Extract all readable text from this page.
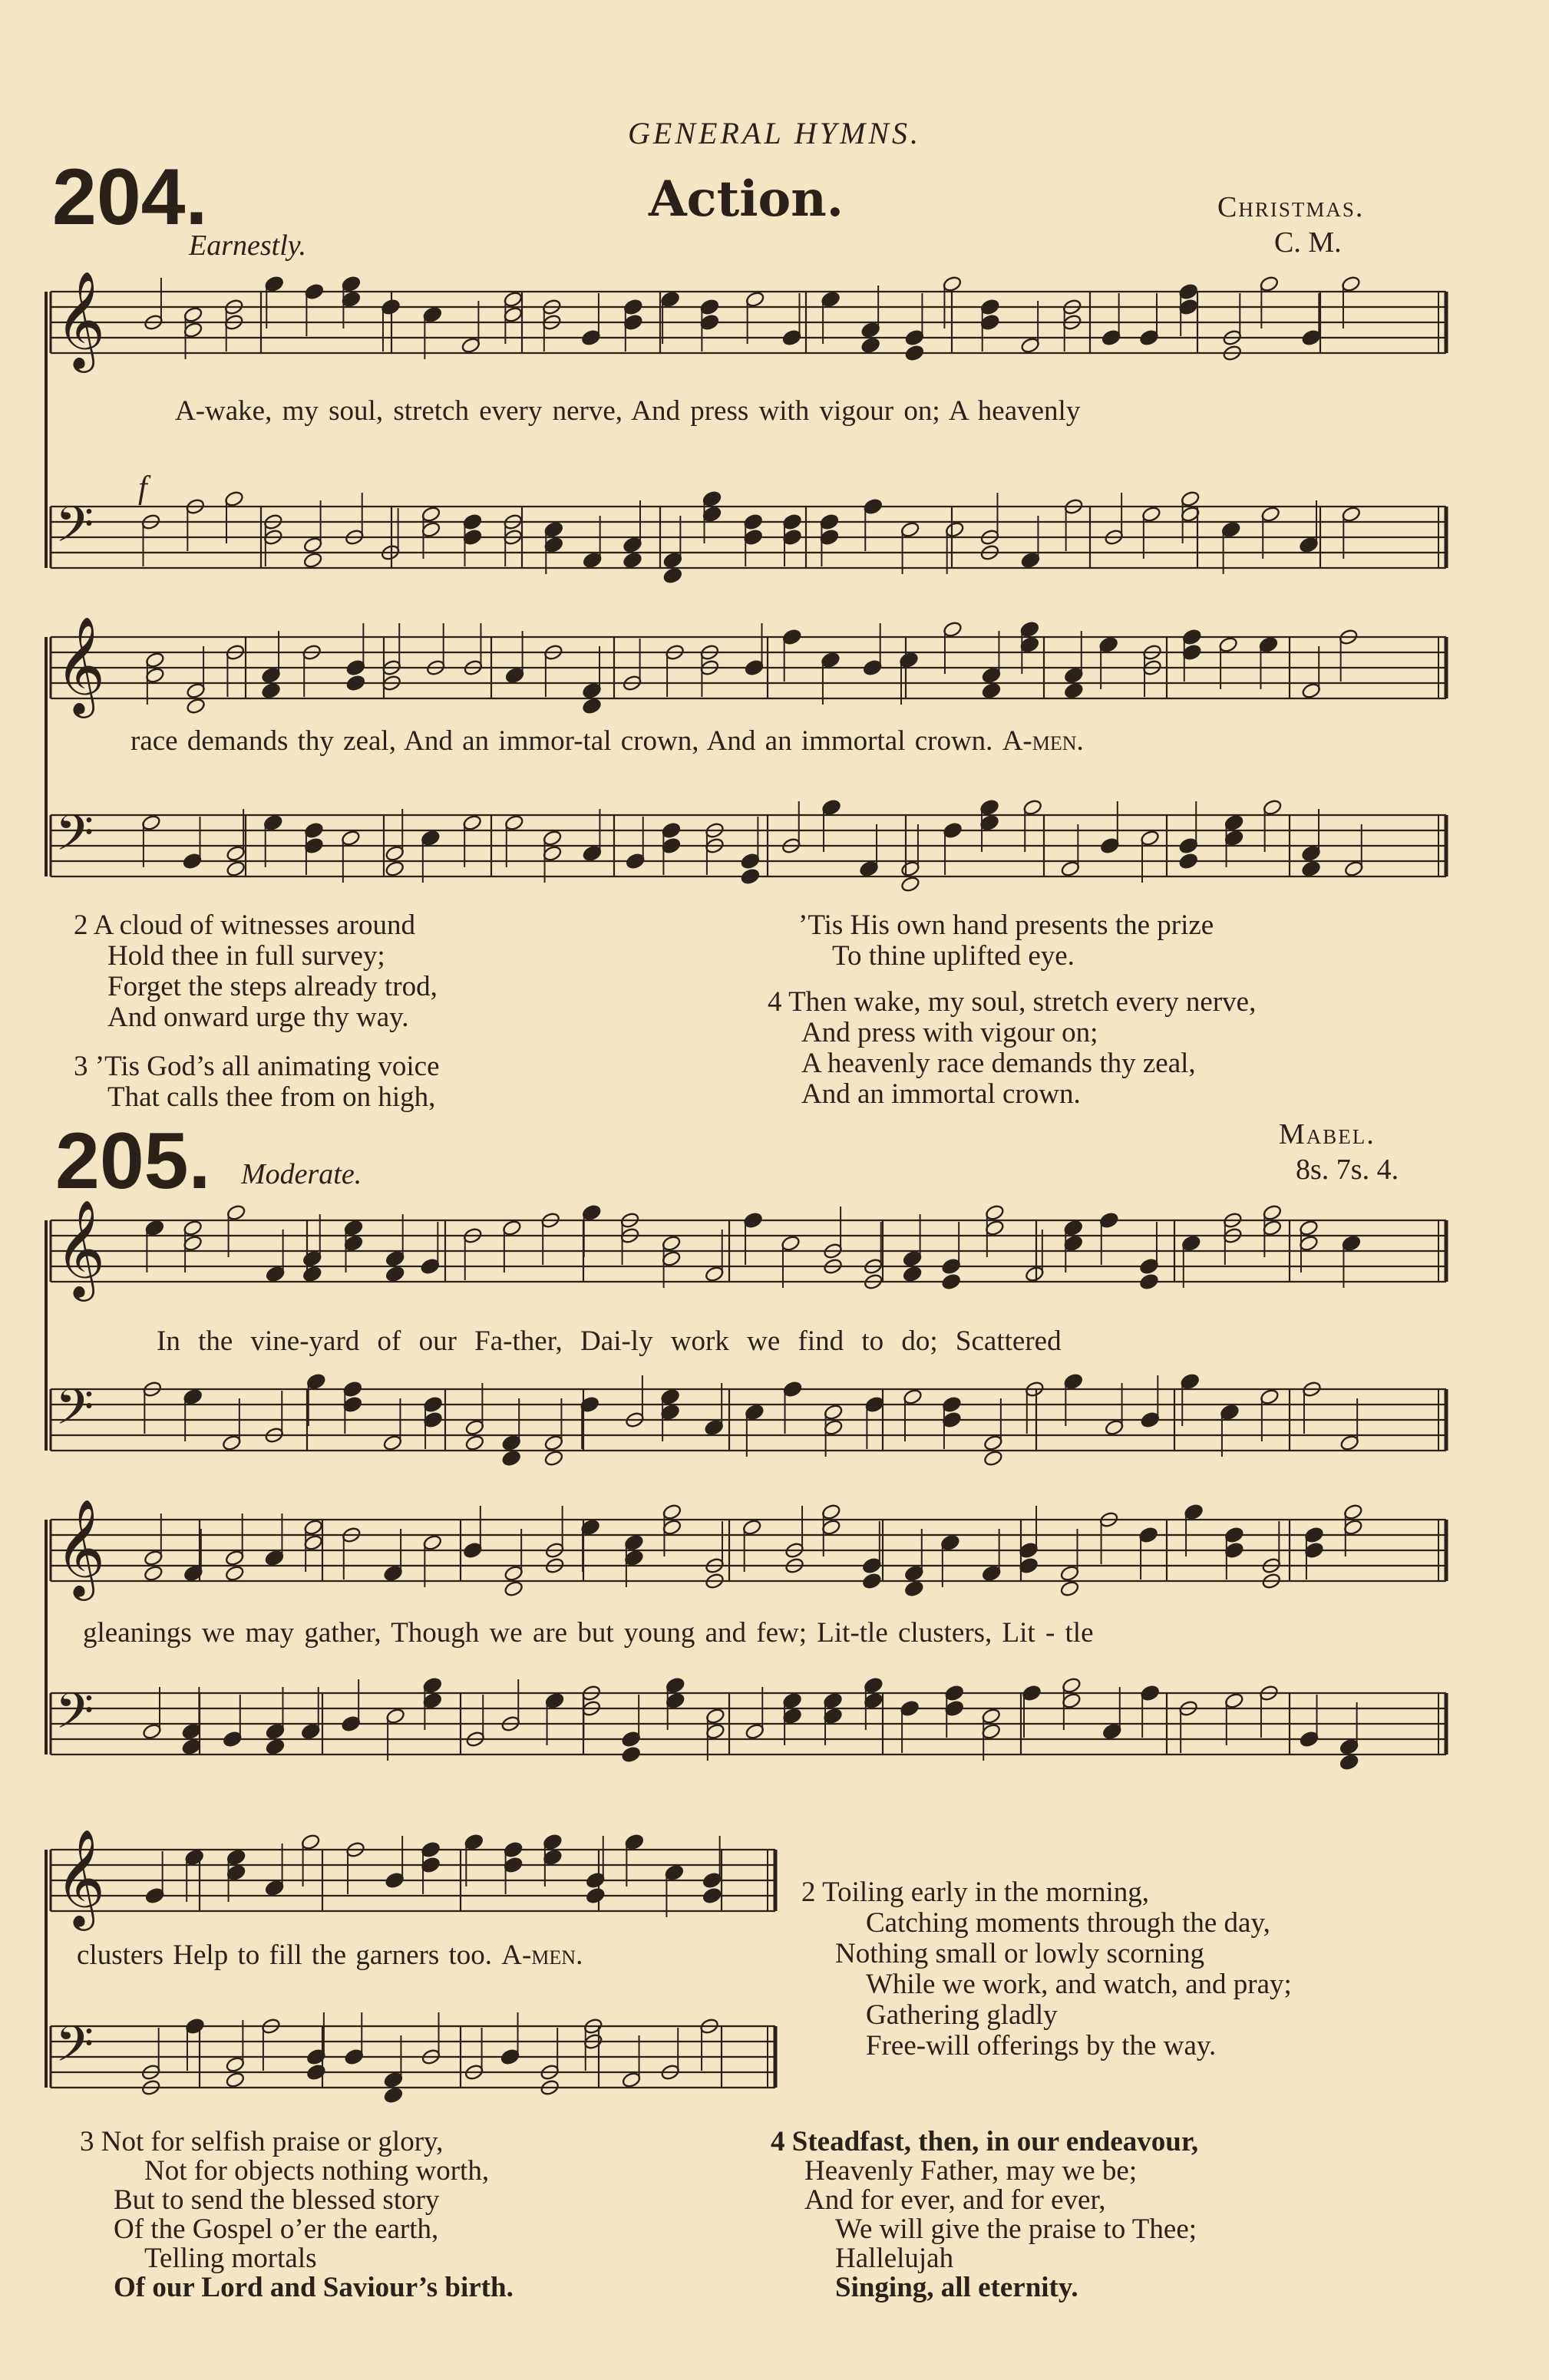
𝄞
𝄢
𝄞
𝄢
𝄞
𝄢
𝄞
𝄢
𝄞
𝄢
GENERAL HYMNS.
204.	Action.	Christmas.
C. M.
Earnestly.
f
A-wake, my soul, stretch every nerve, And press with vigour on; A heavenly
race demands thy zeal, And an immor-tal crown, And an immortal crown. A-men.
2 A cloud of witnesses around
Hold thee in full survey;
Forget the steps already trod,
And onward urge thy way.
3 ’Tis God’s all animating voice
That calls thee from on high,
’Tis His own hand presents the prize
To thine uplifted eye.
4 Then wake, my soul, stretch every nerve,
And press with vigour on;
A heavenly race demands thy zeal,
And an immortal crown.
205. Moderate.
Mabel.
8s. 7s. 4.
In the vine-yard of our Fa-ther, Dai-ly work we find to do; Scattered
gleanings we may gather, Though we are but young and few; Lit-tle clusters, Lit - tle
clusters Help to fill the garners too. A-men.
2 Toiling early in the morning,
Catching moments through the day,
Nothing small or lowly scorning
While we work, and watch, and pray;
Gathering gladly
Free-will offerings by the way.
3 Not for selfish praise or glory,
Not for objects nothing worth,
But to send the blessed story
Of the Gospel o’er the earth,
Telling mortals
Of our Lord and Saviour’s birth.
4 Steadfast, then, in our endeavour,
Heavenly Father, may we be;
And for ever, and for ever,
We will give the praise to Thee;
Hallelujah
Singing, all eternity.
